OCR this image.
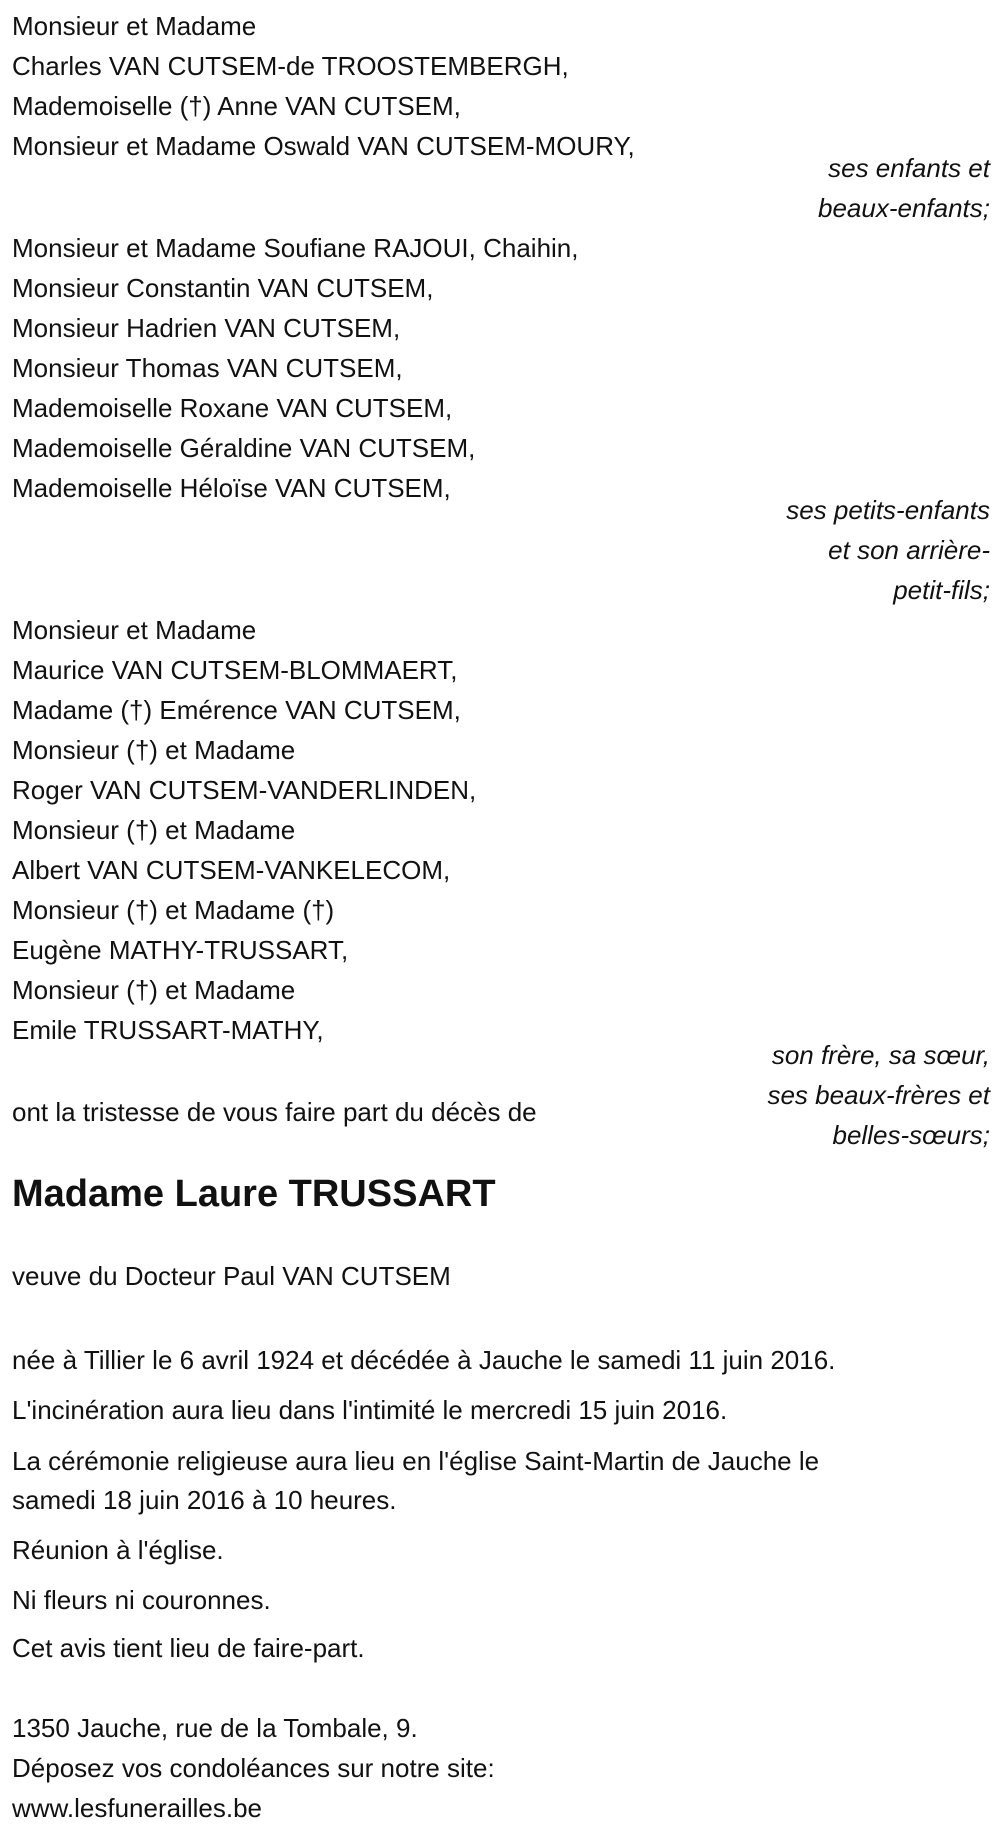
Monsieur et Madame
Charles VAN CUTSEM-de TROOSTEMBERGH,
Mademoiselle (†) Anne VAN CUTSEM,
Monsieur et Madame Oswald VAN CUTSEM-MOURY,
ses enfants et
beaux-enfants;
Monsieur et Madame Soufiane RAJOUI, Chaihin,
Monsieur Constantin VAN CUTSEM,
Monsieur Hadrien VAN CUTSEM,
Monsieur Thomas VAN CUTSEM,
Mademoiselle Roxane VAN CUTSEM,
Mademoiselle Géraldine VAN CUTSEM,
Mademoiselle Héloïse VAN CUTSEM,
ses petits-enfants
et son arrière-
petit-fils;
Monsieur et Madame
Maurice VAN CUTSEM-BLOMMAERT,
Madame (†) Emérence VAN CUTSEM,
Monsieur (†) et Madame
Roger VAN CUTSEM-VANDERLINDEN,
Monsieur (†) et Madame
Albert VAN CUTSEM-VANKELECOM,
Monsieur (†) et Madame (†)
Eugène MATHY-TRUSSART,
Monsieur (†) et Madame
Emile TRUSSART-MATHY,
son frère, sa sœur,
ses beaux-frères et
belles-sœurs;
ont la tristesse de vous faire part du décès de
Madame Laure TRUSSART
veuve du Docteur Paul VAN CUTSEM
née à Tillier le 6 avril 1924 et décédée à Jauche le samedi 11 juin 2016.
L'incinération aura lieu dans l'intimité le mercredi 15 juin 2016.
La cérémonie religieuse aura lieu en l'église Saint-Martin de Jauche le
samedi 18 juin 2016 à 10 heures.
Réunion à l'église.
Ni fleurs ni couronnes.
Cet avis tient lieu de faire-part.
1350 Jauche, rue de la Tombale, 9.
Déposez vos condoléances sur notre site:
www.lesfunerailles.be
